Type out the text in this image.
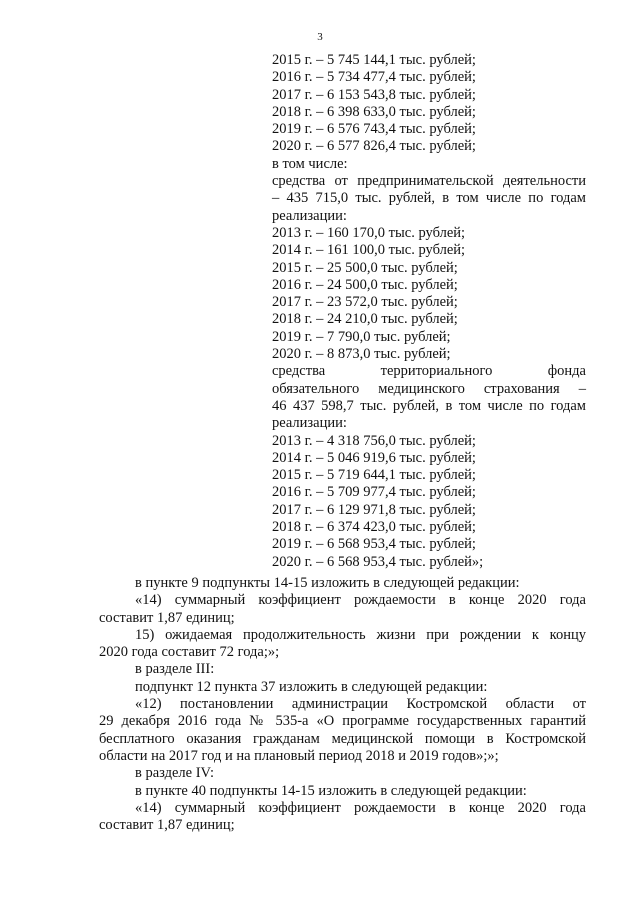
3
2015 г. – 5 745 144,1 тыс. рублей;
2016 г. – 5 734 477,4 тыс. рублей;
2017 г. – 6 153 543,8 тыс. рублей;
2018 г. – 6 398 633,0 тыс. рублей;
2019 г. – 6 576 743,4 тыс. рублей;
2020 г. – 6 577 826,4 тыс. рублей;
в том числе:
средства от предпринимательской деятельности
– 435 715,0 тыс. рублей, в том числе по годам
реализации:
2013 г. – 160 170,0 тыс. рублей;
2014 г. – 161 100,0 тыс. рублей;
2015 г. – 25 500,0 тыс. рублей;
2016 г. – 24 500,0 тыс. рублей;
2017 г. – 23 572,0 тыс. рублей;
2018 г. – 24 210,0 тыс. рублей;
2019 г. – 7 790,0 тыс. рублей;
2020 г. – 8 873,0 тыс. рублей;
средства территориального фонда
обязательного медицинского страхования –
46 437 598,7 тыс. рублей, в том числе по годам
реализации:
2013 г. – 4 318 756,0 тыс. рублей;
2014 г. – 5 046 919,6 тыс. рублей;
2015 г. – 5 719 644,1 тыс. рублей;
2016 г. – 5 709 977,4 тыс. рублей;
2017 г. – 6 129 971,8 тыс. рублей;
2018 г. – 6 374 423,0 тыс. рублей;
2019 г. – 6 568 953,4 тыс. рублей;
2020 г. – 6 568 953,4 тыс. рублей»;
в пункте 9 подпункты 14-15 изложить в следующей редакции:
«14) суммарный коэффициент рождаемости в конце 2020 года
составит 1,87 единиц;
15) ожидаемая продолжительность жизни при рождении к концу
2020 года составит 72 года;»;
в разделе III:
подпункт 12 пункта 37 изложить в следующей редакции:
«12) постановлении администрации Костромской области от
29 декабря 2016 года № 535-а «О программе государственных гарантий
бесплатного оказания гражданам медицинской помощи в Костромской
области на 2017 год и на плановый период 2018 и 2019 годов»;»;
в разделе IV:
в пункте 40 подпункты 14-15 изложить в следующей редакции:
«14) суммарный коэффициент рождаемости в конце 2020 года
составит 1,87 единиц;
